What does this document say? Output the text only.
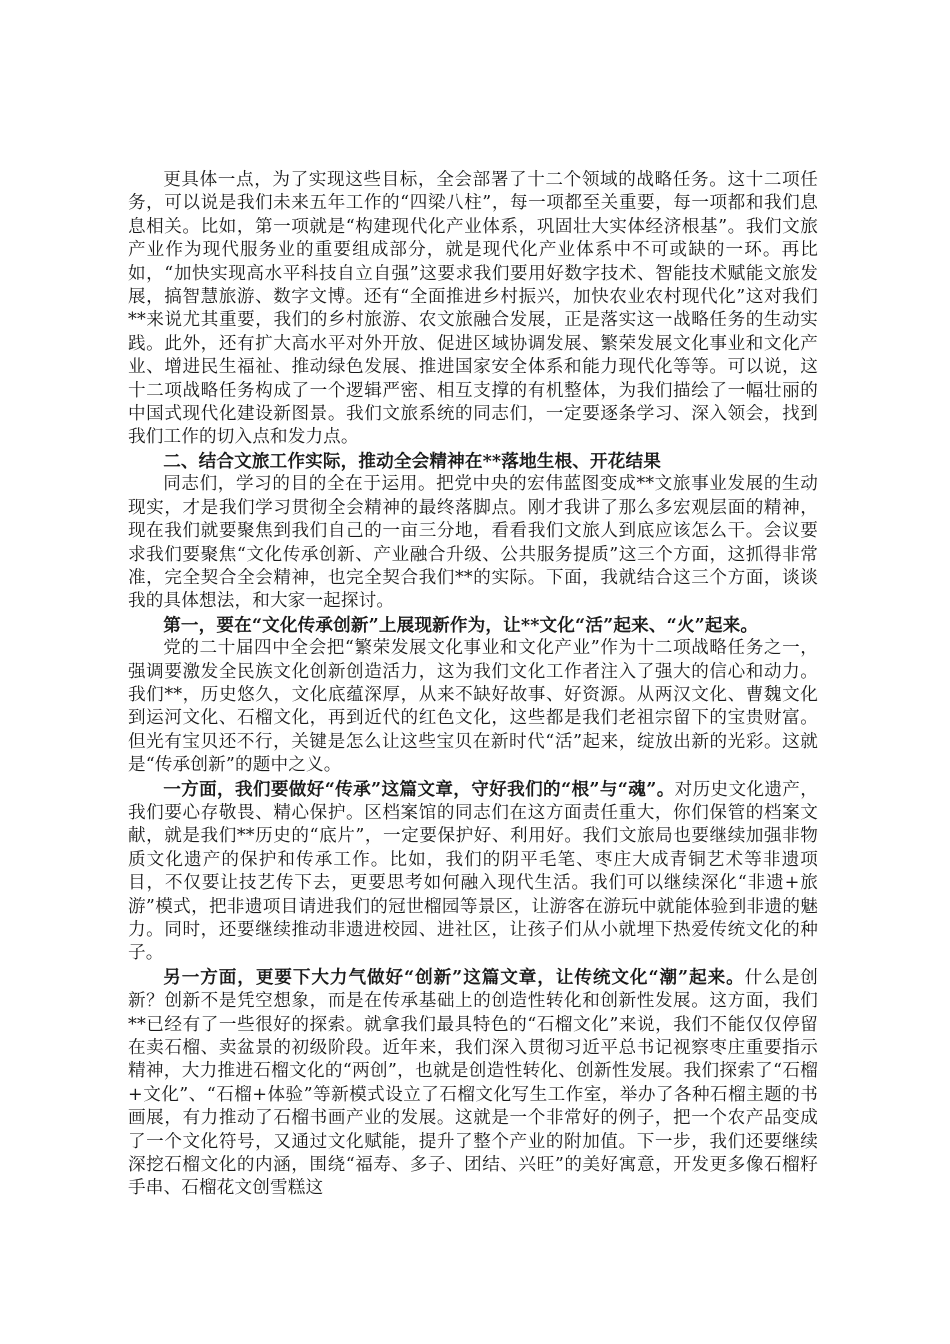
更具体一点，为了实现这些目标，全会部署了十二个领域的战略任务。这十二项任务，可以说是我们未来五年工作的“四梁八柱”，每一项都至关重要，每一项都和我们息息相关。比如，第一项就是“构建现代化产业体系，巩固壮大实体经济根基”。我们文旅产业作为现代服务业的重要组成部分，就是现代化产业体系中不可或缺的一环。再比如，“加快实现高水平科技自立自强”这要求我们要用好数字技术、智能技术赋能文旅发展，搞智慧旅游、数字文博。还有“全面推进乡村振兴，加快农业农村现代化”这对我们**来说尤其重要，我们的乡村旅游、农文旅融合发展，正是落实这一战略任务的生动实践。此外，还有扩大高水平对外开放、促进区域协调发展、繁荣发展文化事业和文化产业、增进民生福祉、推动绿色发展、推进国家安全体系和能力现代化等等。可以说，这十二项战略任务构成了一个逻辑严密、相互支撑的有机整体，为我们描绘了一幅壮丽的中国式现代化建设新图景。我们文旅系统的同志们，一定要逐条学习、深入领会，找到我们工作的切入点和发力点。

二、结合文旅工作实际，推动全会精神在**落地生根、开花结果

同志们，学习的目的全在于运用。把党中央的宏伟蓝图变成**文旅事业发展的生动现实，才是我们学习贯彻全会精神的最终落脚点。刚才我讲了那么多宏观层面的精神，现在我们就要聚焦到我们自己的一亩三分地，看看我们文旅人到底应该怎么干。会议要求我们要聚焦“文化传承创新、产业融合升级、公共服务提质”这三个方面，这抓得非常准，完全契合全会精神，也完全契合我们**的实际。下面，我就结合这三个方面，谈谈我的具体想法，和大家一起探讨。

第一，要在“文化传承创新”上展现新作为，让**文化“活”起来、“火”起来。

党的二十届四中全会把“繁荣发展文化事业和文化产业”作为十二项战略任务之一，强调要激发全民族文化创新创造活力，这为我们文化工作者注入了强大的信心和动力。我们**，历史悠久，文化底蕴深厚，从来不缺好故事、好资源。从两汉文化、曹魏文化到运河文化、石榴文化，再到近代的红色文化，这些都是我们老祖宗留下的宝贵财富。但光有宝贝还不行，关键是怎么让这些宝贝在新时代“活”起来，绽放出新的光彩。这就是“传承创新”的题中之义。

一方面，我们要做好“传承”这篇文章，守好我们的“根”与“魂”。对历史文化遗产，我们要心存敬畏、精心保护。区档案馆的同志们在这方面责任重大，你们保管的档案文献，就是我们**历史的“底片”，一定要保护好、利用好。我们文旅局也要继续加强非物质文化遗产的保护和传承工作。比如，我们的阴平毛笔、枣庄大成青铜艺术等非遗项目，不仅要让技艺传下去，更要思考如何融入现代生活。我们可以继续深化“非遗+旅游”模式，把非遗项目请进我们的冠世榴园等景区，让游客在游玩中就能体验到非遗的魅力。同时，还要继续推动非遗进校园、进社区，让孩子们从小就埋下热爱传统文化的种子。

另一方面，更要下大力气做好“创新”这篇文章，让传统文化“潮”起来。什么是创新？创新不是凭空想象，而是在传承基础上的创造性转化和创新性发展。这方面，我们**已经有了一些很好的探索。就拿我们最具特色的“石榴文化”来说，我们不能仅仅停留在卖石榴、卖盆景的初级阶段。近年来，我们深入贯彻习近平总书记视察枣庄重要指示精神，大力推进石榴文化的“两创”，也就是创造性转化、创新性发展。我们探索了“石榴+文化”、“石榴+体验”等新模式设立了石榴文化写生工作室，举办了各种石榴主题的书画展，有力推动了石榴书画产业的发展。这就是一个非常好的例子，把一个农产品变成了一个文化符号，又通过文化赋能，提升了整个产业的附加值。下一步，我们还要继续深挖石榴文化的内涵，围绕“福寿、多子、团结、兴旺”的美好寓意，开发更多像石榴籽手串、石榴花文创雪糕这
